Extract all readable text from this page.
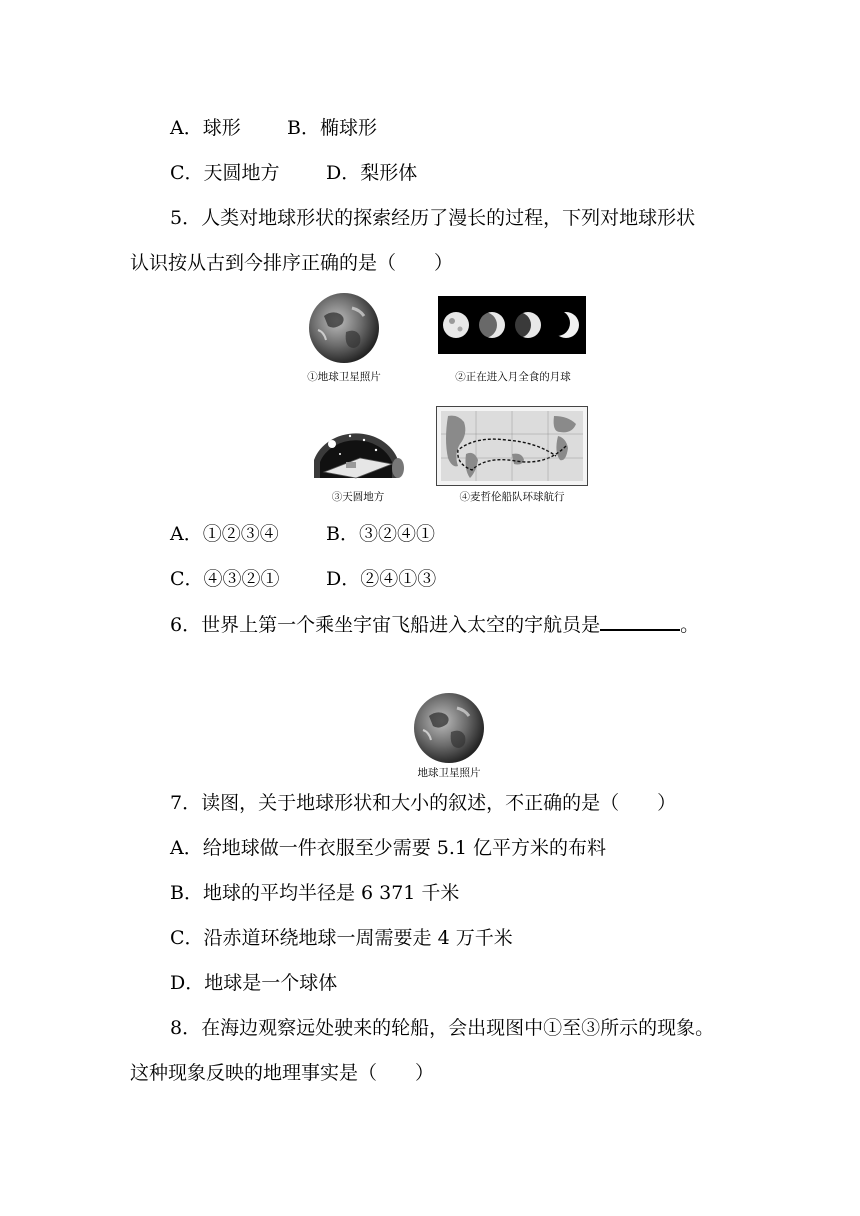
A．球形 B．椭球形
C．天圆地方 D．梨形体
5．人类对地球形状的探索经历了漫长的过程，下列对地球形状
认识按从古到今排序正确的是（　　）
①地球卫星照片	②正在进入月全食的月球
③天圆地方	④麦哲伦船队环球航行
A．①②③④ B．③②④①
C．④③②① D．②④①③
6．世界上第一个乘坐宇宙飞船进入太空的宇航员是	。
地球卫星照片
7．读图，关于地球形状和大小的叙述，不正确的是（　　）
A．给地球做一件衣服至少需要 5.1 亿平方米的布料
B．地球的平均半径是 6 371 千米
C．沿赤道环绕地球一周需要走 4 万千米
D．地球是一个球体
8．在海边观察远处驶来的轮船，会出现图中①至③所示的现象。
这种现象反映的地理事实是（　　）
